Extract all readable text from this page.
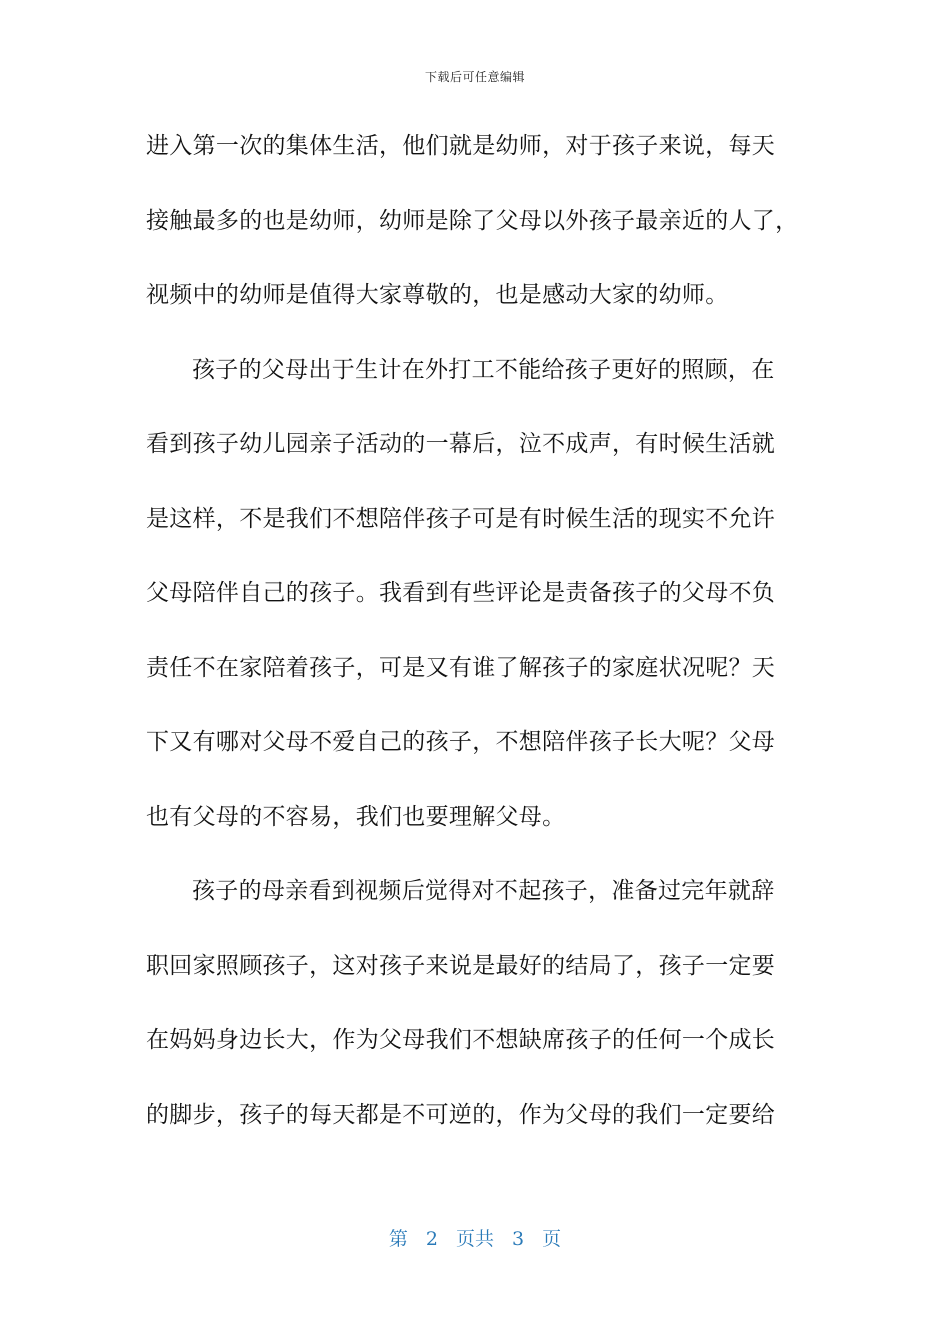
下载后可任意编辑
进入第一次的集体生活，他们就是幼师，对于孩子来说，每天
接触最多的也是幼师，幼师是除了父母以外孩子最亲近的人了，
视频中的幼师是值得大家尊敬的，也是感动大家的幼师。
孩子的父母出于生计在外打工不能给孩子更好的照顾，在
看到孩子幼儿园亲子活动的一幕后，泣不成声，有时候生活就
是这样，不是我们不想陪伴孩子可是有时候生活的现实不允许
父母陪伴自己的孩子。我看到有些评论是责备孩子的父母不负
责任不在家陪着孩子，可是又有谁了解孩子的家庭状况呢？天
下又有哪对父母不爱自己的孩子，不想陪伴孩子长大呢？父母
也有父母的不容易，我们也要理解父母。
孩子的母亲看到视频后觉得对不起孩子，准备过完年就辞
职回家照顾孩子，这对孩子来说是最好的结局了，孩子一定要
在妈妈身边长大，作为父母我们不想缺席孩子的任何一个成长
的脚步，孩子的每天都是不可逆的，作为父母的我们一定要给
第 2 页共 3 页
